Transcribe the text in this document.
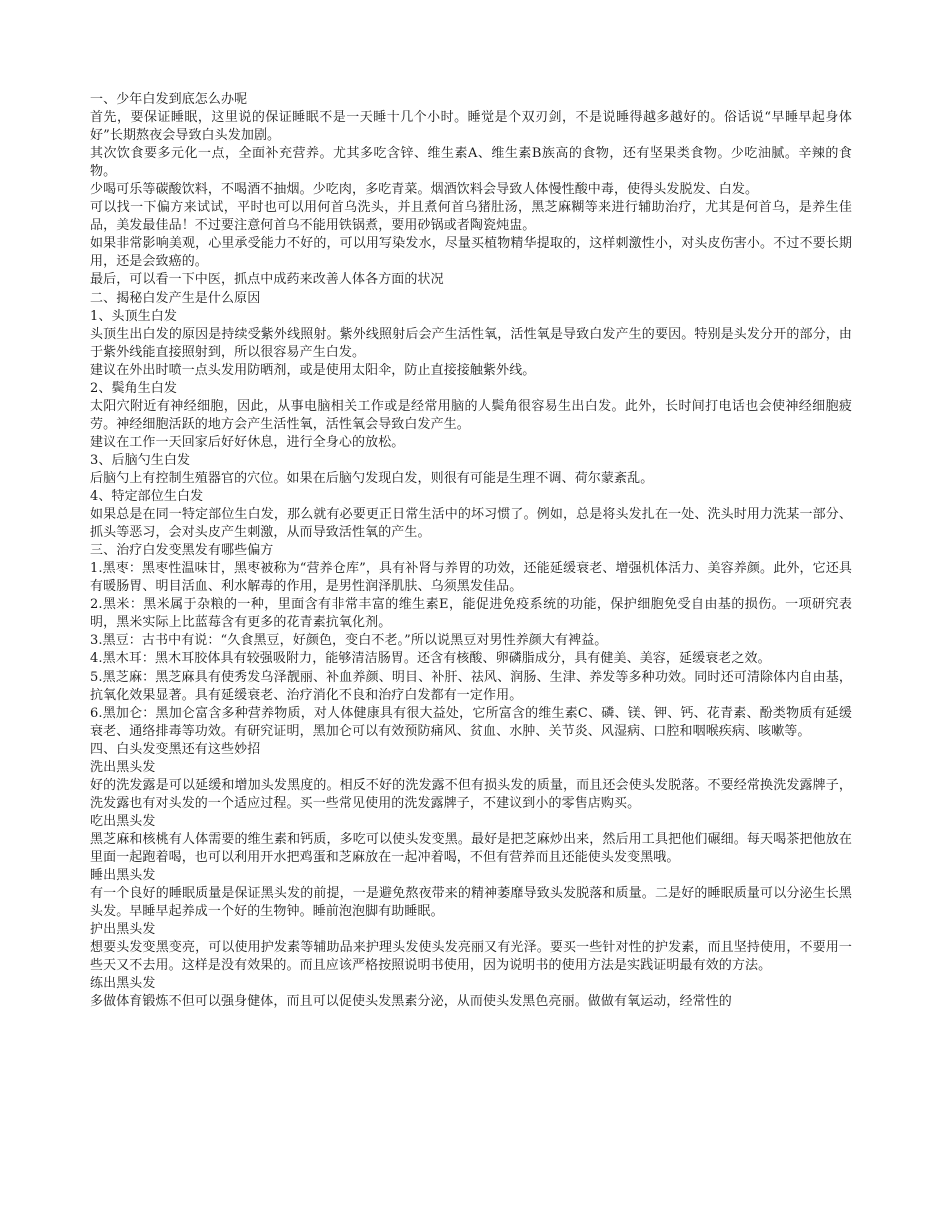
一、少年白发到底怎么办呢

首先，要保证睡眠，这里说的保证睡眠不是一天睡十几个小时。睡觉是个双刃剑，不是说睡得越多越好的。俗话说“早睡早起身体好”长期熬夜会导致白头发加剧。

其次饮食要多元化一点，全面补充营养。尤其多吃含锌、维生素A、维生素B族高的食物，还有坚果类食物。少吃油腻。辛辣的食物。

少喝可乐等碳酸饮料，不喝酒不抽烟。少吃肉，多吃青菜。烟酒饮料会导致人体慢性酸中毒，使得头发脱发、白发。

可以找一下偏方来试试，平时也可以用何首乌洗头，并且煮何首乌猪肚汤，黑芝麻糊等来进行辅助治疗，尤其是何首乌，是养生佳品，美发最佳品！不过要注意何首乌不能用铁锅煮，要用砂锅或者陶瓷炖盅。

如果非常影响美观，心里承受能力不好的，可以用写染发水，尽量买植物精华提取的，这样刺激性小，对头皮伤害小。不过不要长期用，还是会致癌的。

最后，可以看一下中医，抓点中成药来改善人体各方面的状况

二、揭秘白发产生是什么原因

1、头顶生白发

头顶生出白发的原因是持续受紫外线照射。紫外线照射后会产生活性氧，活性氧是导致白发产生的要因。特别是头发分开的部分，由于紫外线能直接照射到，所以很容易产生白发。

建议在外出时喷一点头发用防晒剂，或是使用太阳伞，防止直接接触紫外线。

2、鬓角生白发

太阳穴附近有神经细胞，因此，从事电脑相关工作或是经常用脑的人鬓角很容易生出白发。此外，长时间打电话也会使神经细胞疲劳。神经细胞活跃的地方会产生活性氧，活性氧会导致白发产生。

建议在工作一天回家后好好休息，进行全身心的放松。

3、后脑勺生白发

后脑勺上有控制生殖器官的穴位。如果在后脑勺发现白发，则很有可能是生理不调、荷尔蒙紊乱。

4、特定部位生白发

如果总是在同一特定部位生白发，那么就有必要更正日常生活中的坏习惯了。例如，总是将头发扎在一处、洗头时用力洗某一部分、抓头等恶习，会对头皮产生刺激，从而导致活性氧的产生。

三、治疗白发变黑发有哪些偏方

1.黑枣：黑枣性温味甘，黑枣被称为“营养仓库”，具有补肾与养胃的功效，还能延缓衰老、增强机体活力、美容养颜。此外，它还具有暖肠胃、明目活血、利水解毒的作用，是男性润泽肌肤、乌须黑发佳品。

2.黑米：黑米属于杂粮的一种，里面含有非常丰富的维生素E，能促进免疫系统的功能，保护细胞免受自由基的损伤。一项研究表明，黑米实际上比蓝莓含有更多的花青素抗氧化剂。

3.黑豆：古书中有说：“久食黑豆，好颜色，变白不老。”所以说黑豆对男性养颜大有裨益。

4.黑木耳：黑木耳胶体具有较强吸附力，能够清洁肠胃。还含有核酸、卵磷脂成分，具有健美、美容，延缓衰老之效。

5.黑芝麻：黑芝麻具有使秀发乌泽靓丽、补血养颜、明目、补肝、祛风、润肠、生津、养发等多种功效。同时还可清除体内自由基，抗氧化效果显著。具有延缓衰老、治疗消化不良和治疗白发都有一定作用。

6.黑加仑：黑加仑富含多种营养物质，对人体健康具有很大益处，它所富含的维生素C、磷、镁、钾、钙、花青素、酚类物质有延缓衰老、通络排毒等功效。有研究证明，黑加仑可以有效预防痛风、贫血、水肿、关节炎、风湿病、口腔和咽喉疾病、咳嗽等。

四、白头发变黑还有这些妙招

洗出黑头发

好的洗发露是可以延缓和增加头发黑度的。相反不好的洗发露不但有损头发的质量，而且还会使头发脱落。不要经常换洗发露牌子，洗发露也有对头发的一个适应过程。买一些常见使用的洗发露牌子，不建议到小的零售店购买。

吃出黑头发

黑芝麻和核桃有人体需要的维生素和钙质，多吃可以使头发变黑。最好是把芝麻炒出来，然后用工具把他们碾细。每天喝茶把他放在里面一起跑着喝，也可以利用开水把鸡蛋和芝麻放在一起冲着喝，不但有营养而且还能使头发变黑哦。

睡出黑头发

有一个良好的睡眠质量是保证黑头发的前提，一是避免熬夜带来的精神萎靡导致头发脱落和质量。二是好的睡眠质量可以分泌生长黑头发。早睡早起养成一个好的生物钟。睡前泡泡脚有助睡眠。

护出黑头发

想要头发变黑变亮，可以使用护发素等辅助品来护理头发使头发亮丽又有光泽。要买一些针对性的护发素，而且坚持使用，不要用一些天又不去用。这样是没有效果的。而且应该严格按照说明书使用，因为说明书的使用方法是实践证明最有效的方法。

练出黑头发

多做体育锻炼不但可以强身健体，而且可以促使头发黑素分泌，从而使头发黑色亮丽。做做有氧运动，经常性的
